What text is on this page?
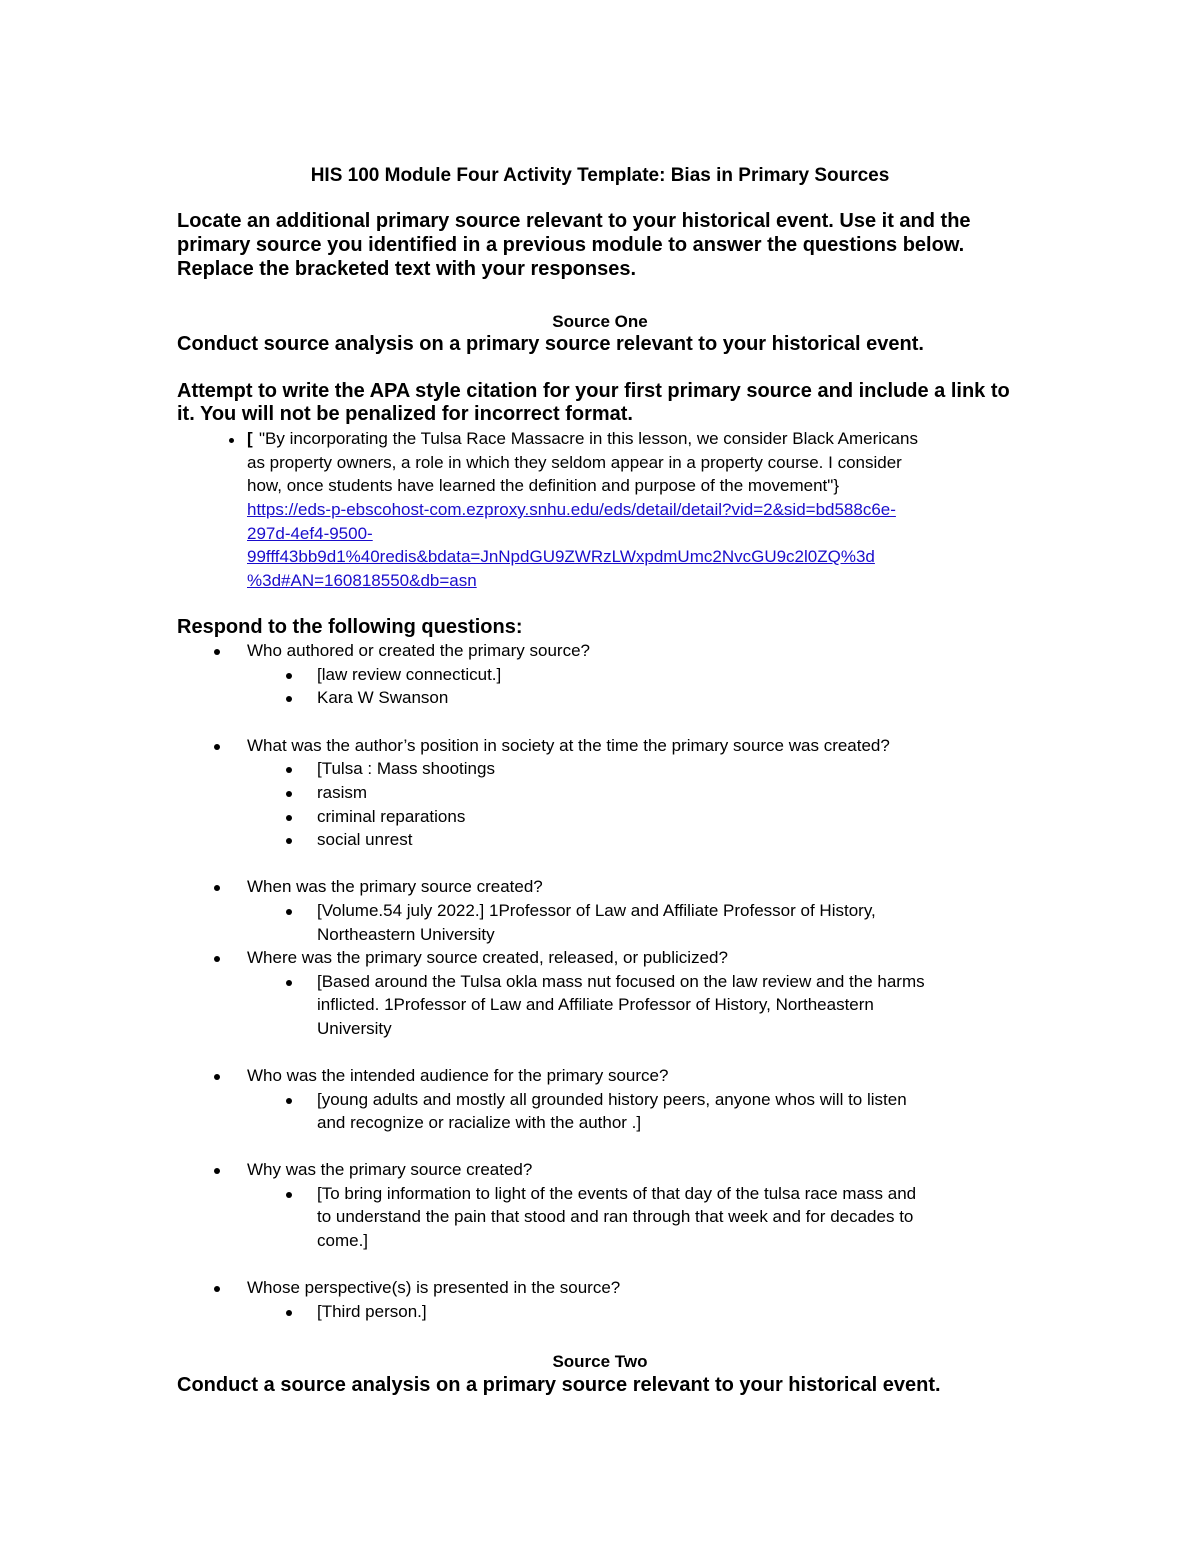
HIS 100 Module Four Activity Template: Bias in Primary Sources
Locate an additional primary source relevant to your historical event. Use it and the
primary source you identified in a previous module to answer the questions below.
Replace the bracketed text with your responses.
Source One
Conduct source analysis on a primary source relevant to your historical event.
Attempt to write the APA style citation for your first primary source and include a link to
it. You will not be penalized for incorrect format.
[ "By incorporating the Tulsa Race Massacre in this lesson, we consider Black Americans
as property owners, a role in which they seldom appear in a property course. I consider
how, once students have learned the definition and purpose of the movement"}
https://eds-p-ebscohost-com.ezproxy.snhu.edu/eds/detail/detail?vid=2&sid=bd588c6e-
297d-4ef4-9500-
99fff43bb9d1%40redis&bdata=JnNpdGU9ZWRzLWxpdmUmc2NvcGU9c2l0ZQ%3d
%3d#AN=160818550&db=asn
Respond to the following questions:
Who authored or created the primary source?
[law review connecticut.]
Kara W Swanson
What was the author’s position in society at the time the primary source was created?
[Tulsa : Mass shootings
rasism
criminal reparations
social unrest
When was the primary source created?
[Volume.54 july 2022.] 1Professor of Law and Affiliate Professor of History,
Northeastern University
Where was the primary source created, released, or publicized?
[Based around the Tulsa okla mass nut focused on the law review and the harms
inflicted. 1Professor of Law and Affiliate Professor of History, Northeastern
University
Who was the intended audience for the primary source?
[young adults and mostly all grounded history peers, anyone whos will to listen
and recognize or racialize with the author .]
Why was the primary source created?
[To bring information to light of the events of that day of the tulsa race mass and
to understand the pain that stood and ran through that week and for decades to
come.]
Whose perspective(s) is presented in the source?
[Third person.]
Source Two
Conduct a source analysis on a primary source relevant to your historical event.
